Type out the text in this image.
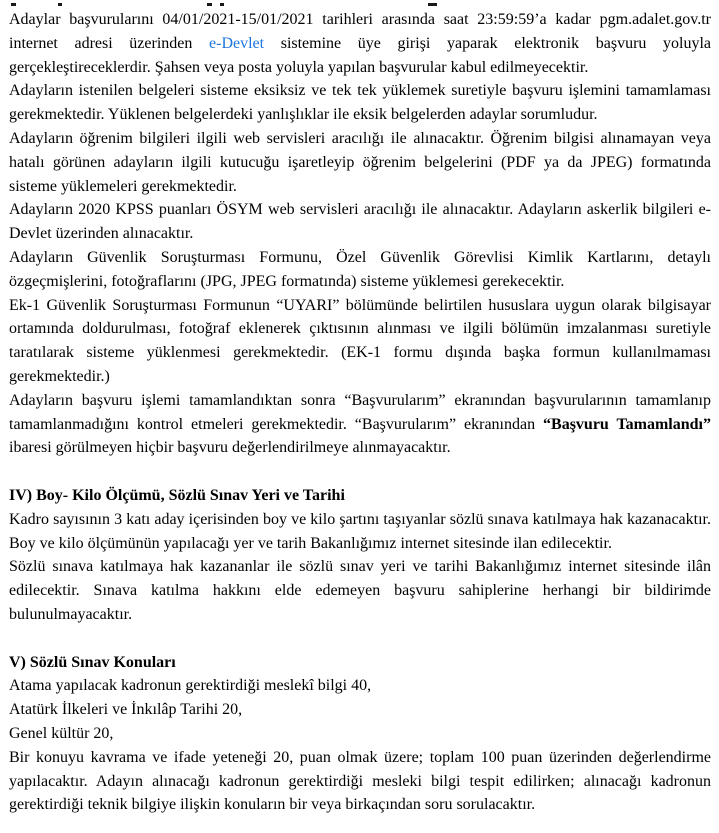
Adaylar başvurularını 04/01/2021-15/01/2021 tarihleri arasında saat 23:59:59’a kadar pgm.adalet.gov.tr internet adresi üzerinden e-Devlet sistemine üye girişi yaparak elektronik başvuru yoluyla gerçekleştireceklerdir. Şahsen veya posta yoluyla yapılan başvurular kabul edilmeyecektir.

Adayların istenilen belgeleri sisteme eksiksiz ve tek tek yüklemek suretiyle başvuru işlemini tamamlaması gerekmektedir. Yüklenen belgelerdeki yanlışlıklar ile eksik belgelerden adaylar sorumludur.

Adayların öğrenim bilgileri ilgili web servisleri aracılığı ile alınacaktır. Öğrenim bilgisi alınamayan veya hatalı görünen adayların ilgili kutucuğu işaretleyip öğrenim belgelerini (PDF ya da JPEG) formatında sisteme yüklemeleri gerekmektedir.

Adayların 2020 KPSS puanları ÖSYM web servisleri aracılığı ile alınacaktır. Adayların askerlik bilgileri e-Devlet üzerinden alınacaktır.

Adayların Güvenlik Soruşturması Formunu, Özel Güvenlik Görevlisi Kimlik Kartlarını, detaylı özgeçmişlerini, fotoğraflarını (JPG, JPEG formatında) sisteme yüklemesi gerekecektir.

Ek-1 Güvenlik Soruşturması Formunun “UYARI” bölümünde belirtilen hususlara uygun olarak bilgisayar ortamında doldurulması, fotoğraf eklenerek çıktısının alınması ve ilgili bölümün imzalanması suretiyle taratılarak sisteme yüklenmesi gerekmektedir. (EK-1 formu dışında başka formun kullanılmaması gerekmektedir.)

Adayların başvuru işlemi tamamlandıktan sonra “Başvurularım” ekranından başvurularının tamamlanıp tamamlanmadığını kontrol etmeleri gerekmektedir. “Başvurularım” ekranından “Başvuru Tamamlandı” ibaresi görülmeyen hiçbir başvuru değerlendirilmeye alınmayacaktır.

IV) Boy- Kilo Ölçümü, Sözlü Sınav Yeri ve Tarihi

Kadro sayısının 3 katı aday içerisinden boy ve kilo şartını taşıyanlar sözlü sınava katılmaya hak kazanacaktır. Boy ve kilo ölçümünün yapılacağı yer ve tarih Bakanlığımız internet sitesinde ilan edilecektir.

Sözlü sınava katılmaya hak kazananlar ile sözlü sınav yeri ve tarihi Bakanlığımız internet sitesinde ilân edilecektir. Sınava katılma hakkını elde edemeyen başvuru sahiplerine herhangi bir bildirimde bulunulmayacaktır.

V) Sözlü Sınav Konuları

Atama yapılacak kadronun gerektirdiği meslekî bilgi 40,

Atatürk İlkeleri ve İnkılâp Tarihi 20,

Genel kültür 20,

Bir konuyu kavrama ve ifade yeteneği 20, puan olmak üzere; toplam 100 puan üzerinden değerlendirme yapılacaktır. Adayın alınacağı kadronun gerektirdiği mesleki bilgi tespit edilirken; alınacağı kadronun gerektirdiği teknik bilgiye ilişkin konuların bir veya birkaçından soru sorulacaktır.
